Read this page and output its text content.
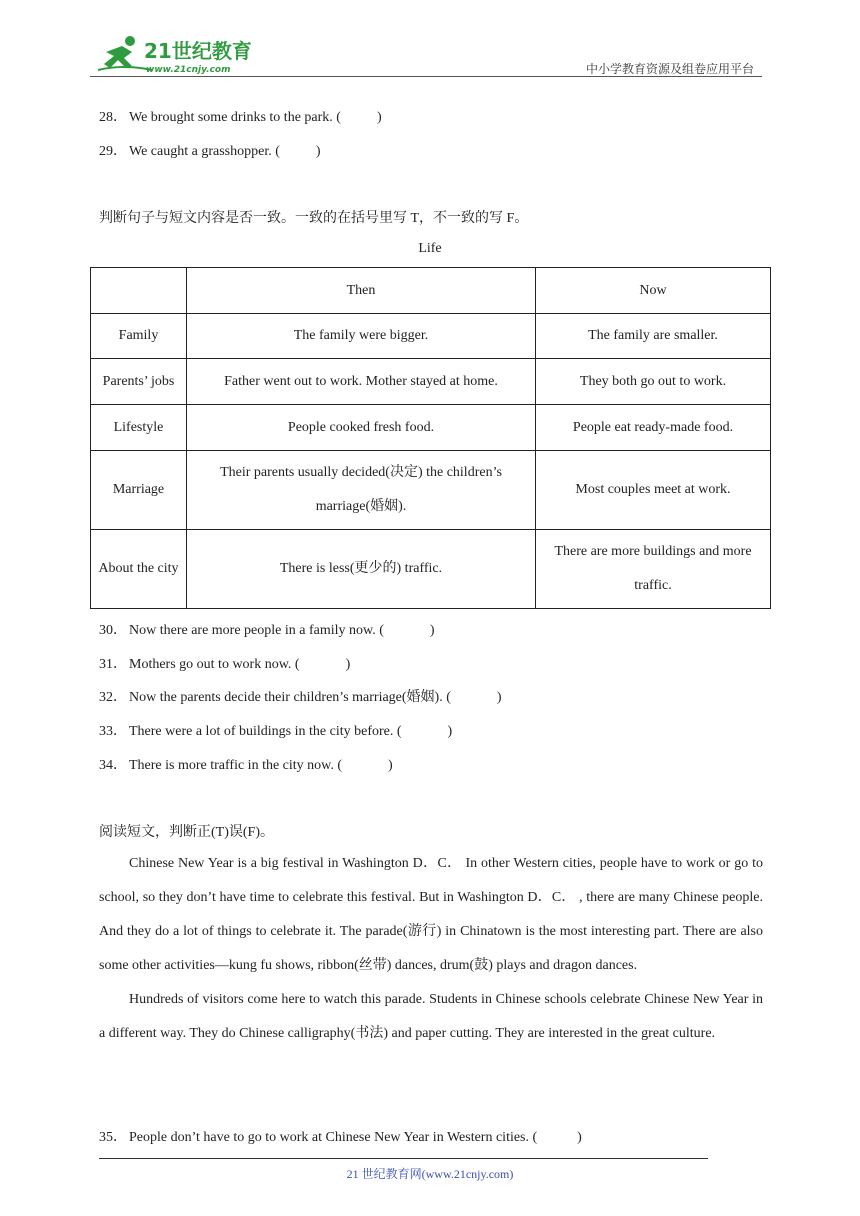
21世纪教育
www.21cnjy.com	中小学教育资源及组卷应用平台
28． We brought some drinks to the park. (	)
29． We caught a grasshopper. (	)
判断句子与短文内容是否一致。一致的在括号里写 T，不一致的写 F。
Life
	Then	Now
Family	The family were bigger.	The family are smaller.
Parents’ jobs	Father went out to work. Mother stayed at home.	They both go out to work.
Lifestyle	People cooked fresh food.	People eat ready-made food.
Marriage	Their parents usually decided(决定) the children’s marriage(婚姻).	Most couples meet at work.
About the city	There is less(更少的) traffic.	There are more buildings and more traffic.
30． Now there are more people in a family now. (	)
31． Mothers go out to work now. (	)
32． Now the parents decide their children’s marriage(婚姻). (	)
33． There were a lot of buildings in the city before. (	)
34． There is more traffic in the city now. (	)
阅读短文，判断正(T)误(F)。

Chinese New Year is a big festival in Washington D．C． In other Western cities, people have to work or go to school, so they don’t have time to celebrate this festival. But in Washington D．C． , there are many Chinese people. And they do a lot of things to celebrate it. The parade(游行) in Chinatown is the most interesting part. There are also some other activities—kung fu shows, ribbon(丝带) dances, drum(鼓) plays and dragon dances.

Hundreds of visitors come here to watch this parade. Students in Chinese schools celebrate Chinese New Year in a different way. They do Chinese calligraphy(书法) and paper cutting. They are interested in the great culture.

35． People don’t have to go to work at Chinese New Year in Western cities. (	)
21 世纪教育网(www.21cnjy.com)
